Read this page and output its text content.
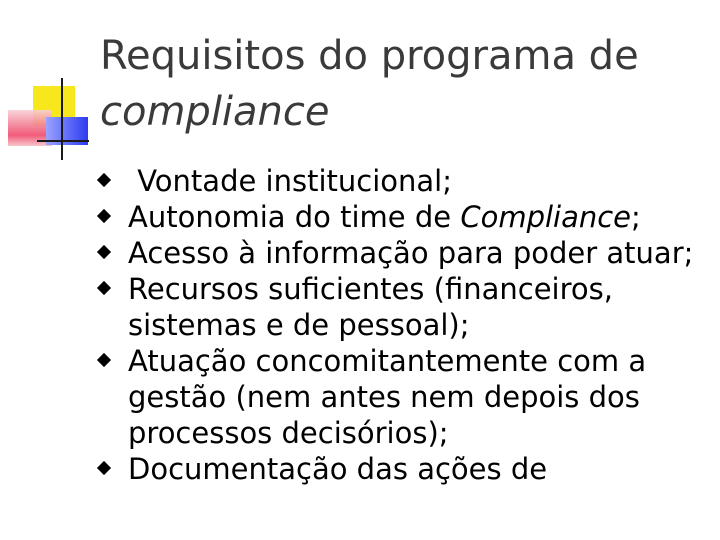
Requisitos do programa de
compliance
Vontade institucional;
Autonomia do time de Compliance;
Acesso à informação para poder atuar;
Recursos suficientes (financeiros, sistemas e de pessoal);
Atuação concomitantemente com a gestão (nem antes nem depois dos processos decisórios);
Documentação das ações de
